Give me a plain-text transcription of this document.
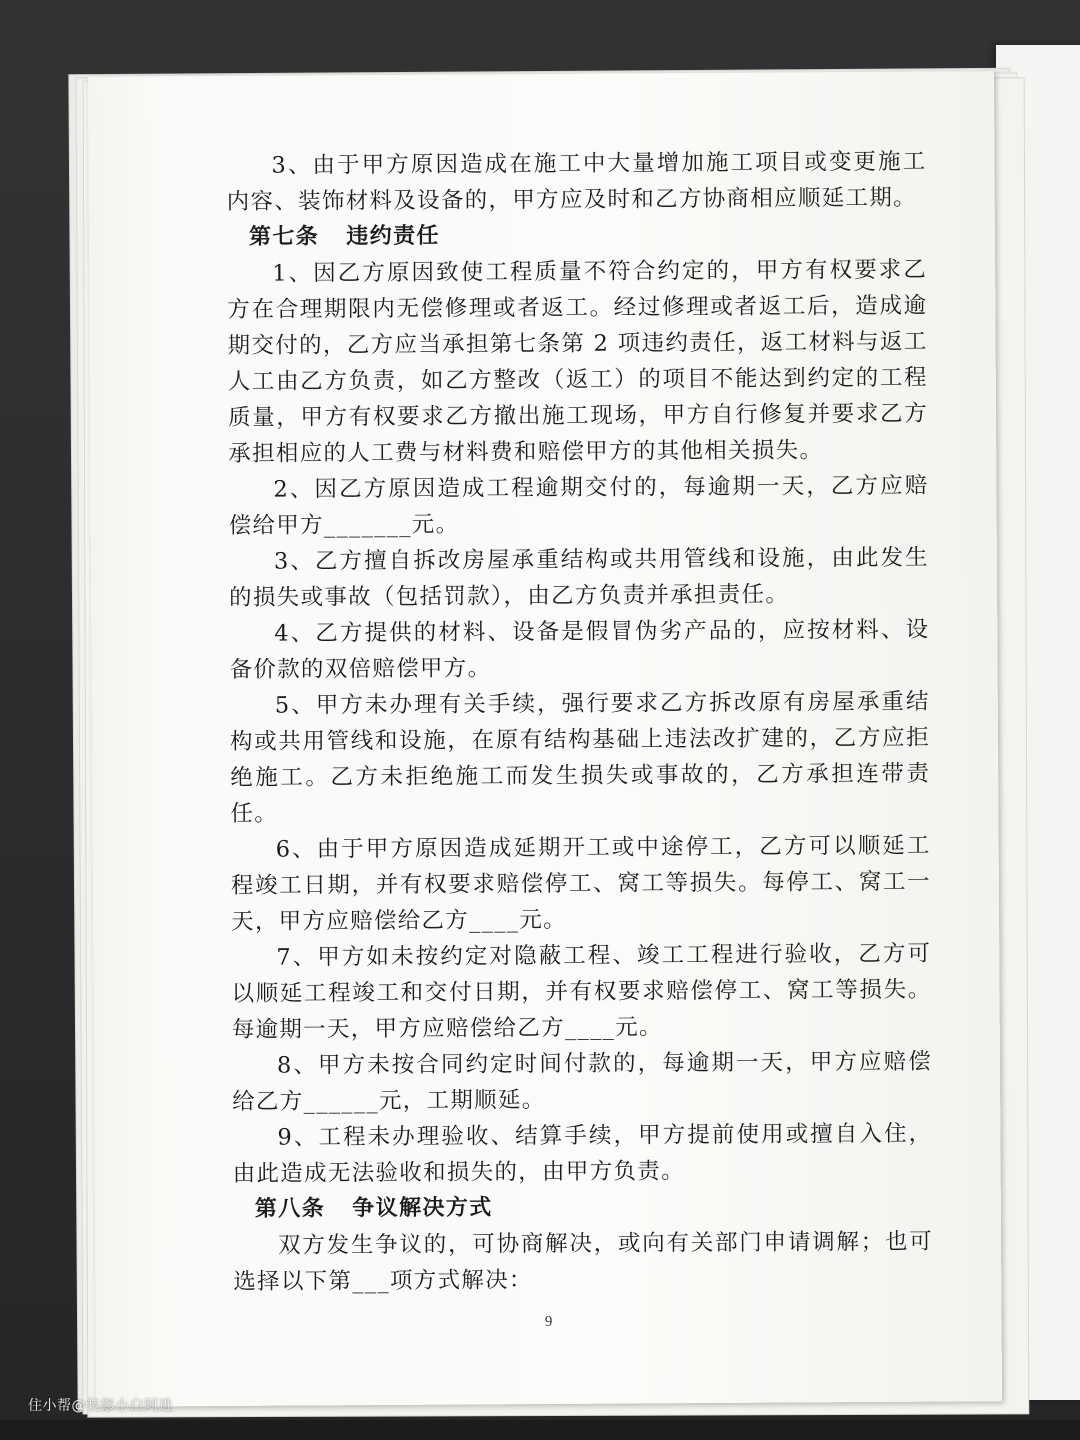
3、由于甲方原因造成在施工中大量增加施工项目或变更施工内容、装饰材料及设备的，甲方应及时和乙方协商相应顺延工期。

第七条   违约责任

1、因乙方原因致使工程质量不符合约定的，甲方有权要求乙方在合理期限内无偿修理或者返工。经过修理或者返工后，造成逾期交付的，乙方应当承担第七条第 2 项违约责任，返工材料与返工人工由乙方负责，如乙方整改（返工）的项目不能达到约定的工程质量，甲方有权要求乙方撤出施工现场，甲方自行修复并要求乙方承担相应的人工费与材料费和赔偿甲方的其他相关损失。

2、因乙方原因造成工程逾期交付的，每逾期一天，乙方应赔偿给甲方_______元。

3、乙方擅自拆改房屋承重结构或共用管线和设施，由此发生的损失或事故（包括罚款），由乙方负责并承担责任。

4、乙方提供的材料、设备是假冒伪劣产品的，应按材料、设备价款的双倍赔偿甲方。

5、甲方未办理有关手续，强行要求乙方拆改原有房屋承重结构或共用管线和设施，在原有结构基础上违法改扩建的，乙方应拒绝施工。乙方未拒绝施工而发生损失或事故的，乙方承担连带责任。

6、由于甲方原因造成延期开工或中途停工，乙方可以顺延工程竣工日期，并有权要求赔偿停工、窝工等损失。每停工、窝工一天，甲方应赔偿给乙方____元。

7、甲方如未按约定对隐蔽工程、竣工工程进行验收，乙方可以顺延工程竣工和交付日期，并有权要求赔偿停工、窝工等损失。每逾期一天，甲方应赔偿给乙方____元。

8、甲方未按合同约定时间付款的，每逾期一天，甲方应赔偿给乙方______元，工期顺延。

9、工程未办理验收、结算手续，甲方提前使用或擅自入住，由此造成无法验收和损失的，由甲方负责。

第八条   争议解决方式

双方发生争议的，可协商解决，或向有关部门申请调解；也可选择以下第___项方式解决：

9
住小帮@装修小白阿进
